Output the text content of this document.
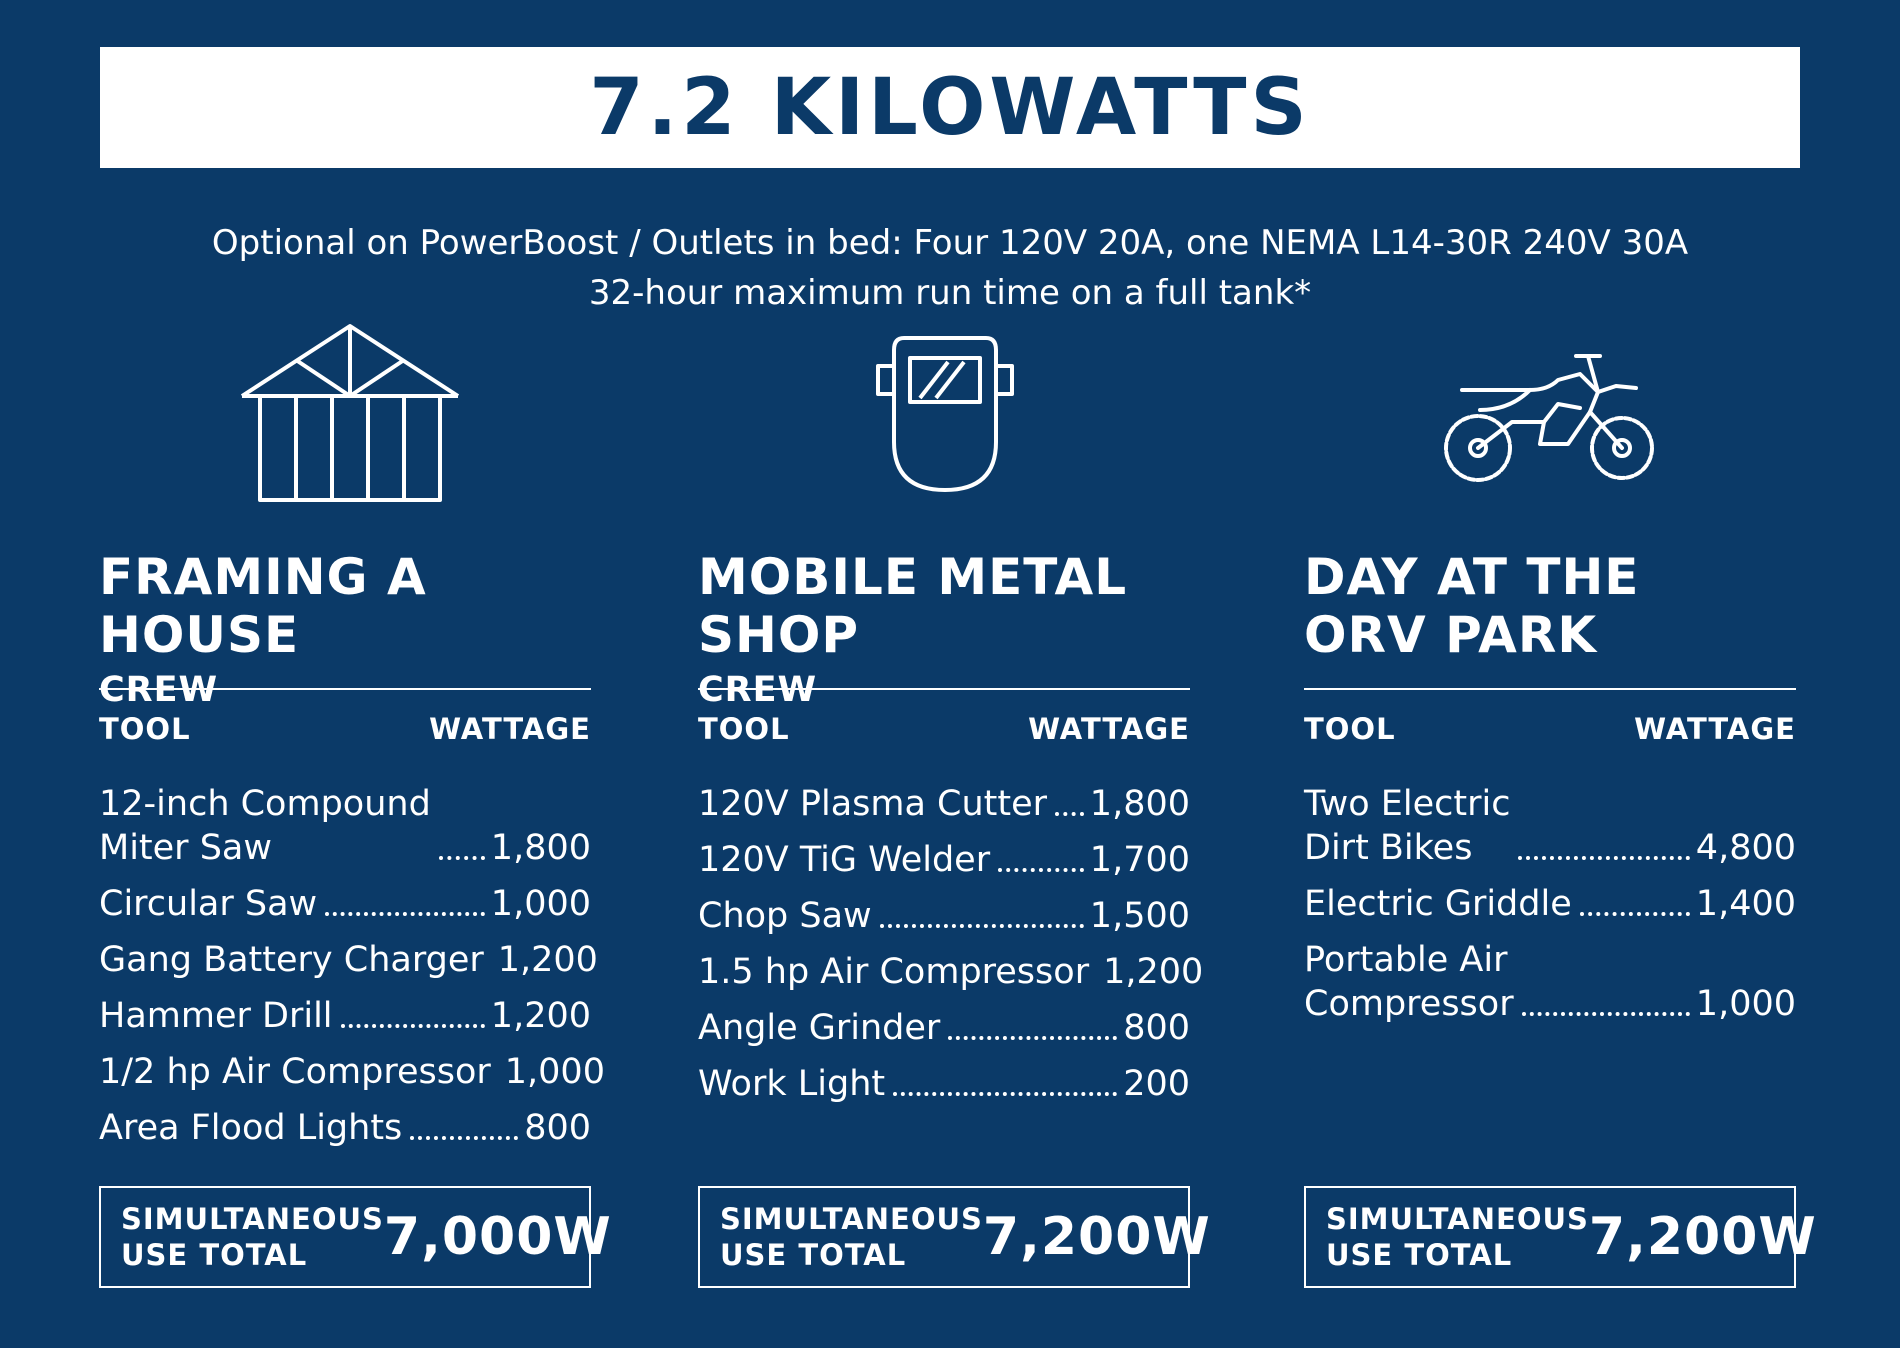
7.2 KILOWATTS
Optional on PowerBoost / Outlets in bed: Four 120V 20A, one NEMA L14-30R 240V 30A
32-hour maximum run time on a full tank*
FRAMING A HOUSE
CREW
TOOL	WATTAGE
12-inch Compound
Miter Saw	1,800
Circular Saw	1,000
Gang Battery Charger 1,200
Hammer Drill	1,200
1/2 hp Air Compressor 1,000
Area Flood Lights	800
SIMULTANEOUS
USE TOTAL	7,000W
MOBILE METAL SHOP
CREW
TOOL	WATTAGE
120V Plasma Cutter 1,800
120V TiG Welder	1,700
Chop Saw	1,500
1.5 hp Air Compressor 1,200
Angle Grinder	800
Work Light	200
SIMULTANEOUS
USE TOTAL	7,200W
DAY AT THE
ORV PARK
TOOL	WATTAGE
Two Electric
Dirt Bikes	4,800
Electric Griddle	1,400
Portable Air
Compressor	1,000
SIMULTANEOUS
USE TOTAL	7,200W
